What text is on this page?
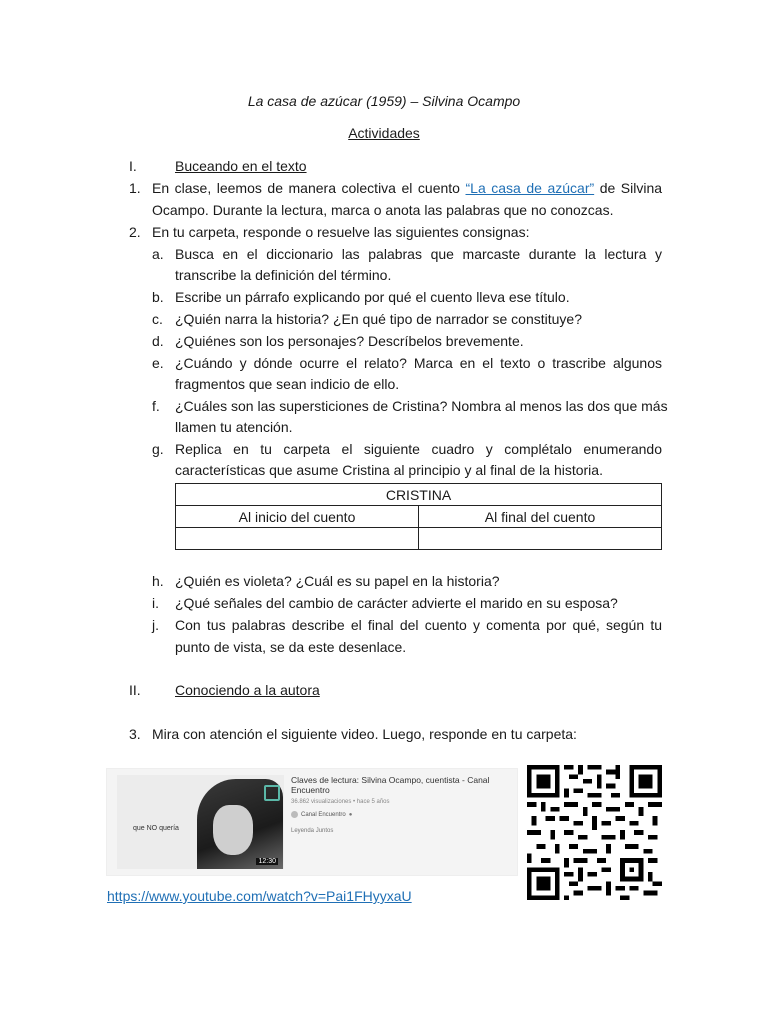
La casa de azúcar (1959) – Silvina Ocampo
Actividades
I.	Buceando en el texto
1. En clase, leemos de manera colectiva el cuento “La casa de azúcar” de Silvina
Ocampo. Durante la lectura, marca o anota las palabras que no conozcas.
2. En tu carpeta, responde o resuelve las siguientes consignas:
a. Busca en el diccionario las palabras que marcaste durante la lectura y
transcribe la definición del término.
b. Escribe un párrafo explicando por qué el cuento lleva ese título.
c. ¿Quién narra la historia? ¿En qué tipo de narrador se constituye?
d. ¿Quiénes son los personajes? Descríbelos brevemente.
e. ¿Cuándo y dónde ocurre el relato? Marca en el texto o trascribe algunos
fragmentos que sean indicio de ello.
f. ¿Cuáles son las supersticiones de Cristina? Nombra al menos las dos que más
llamen tu atención.
g. Replica en tu carpeta el siguiente cuadro y complétalo enumerando
características que asume Cristina al principio y al final de la historia.
CRISTINA	
Al inicio del cuento	Al final del cuento

h. ¿Quién es violeta? ¿Cuál es su papel en la historia?
i. ¿Qué señales del cambio de carácter advierte el marido en su esposa?
j. Con tus palabras describe el final del cuento y comenta por qué, según tu
punto de vista, se da este desenlace.
II. Conociendo a la autora
3. Mira con atención el siguiente video. Luego, responde en tu carpeta:
que NO quería
12:30
Claves de lectura: Silvina Ocampo, cuentista - Canal Encuentro
36.862 visualizaciones • hace 5 años
Canal Encuentro ●
Leyenda Juntos
https://www.youtube.com/watch?v=Pai1FHyyxaU
